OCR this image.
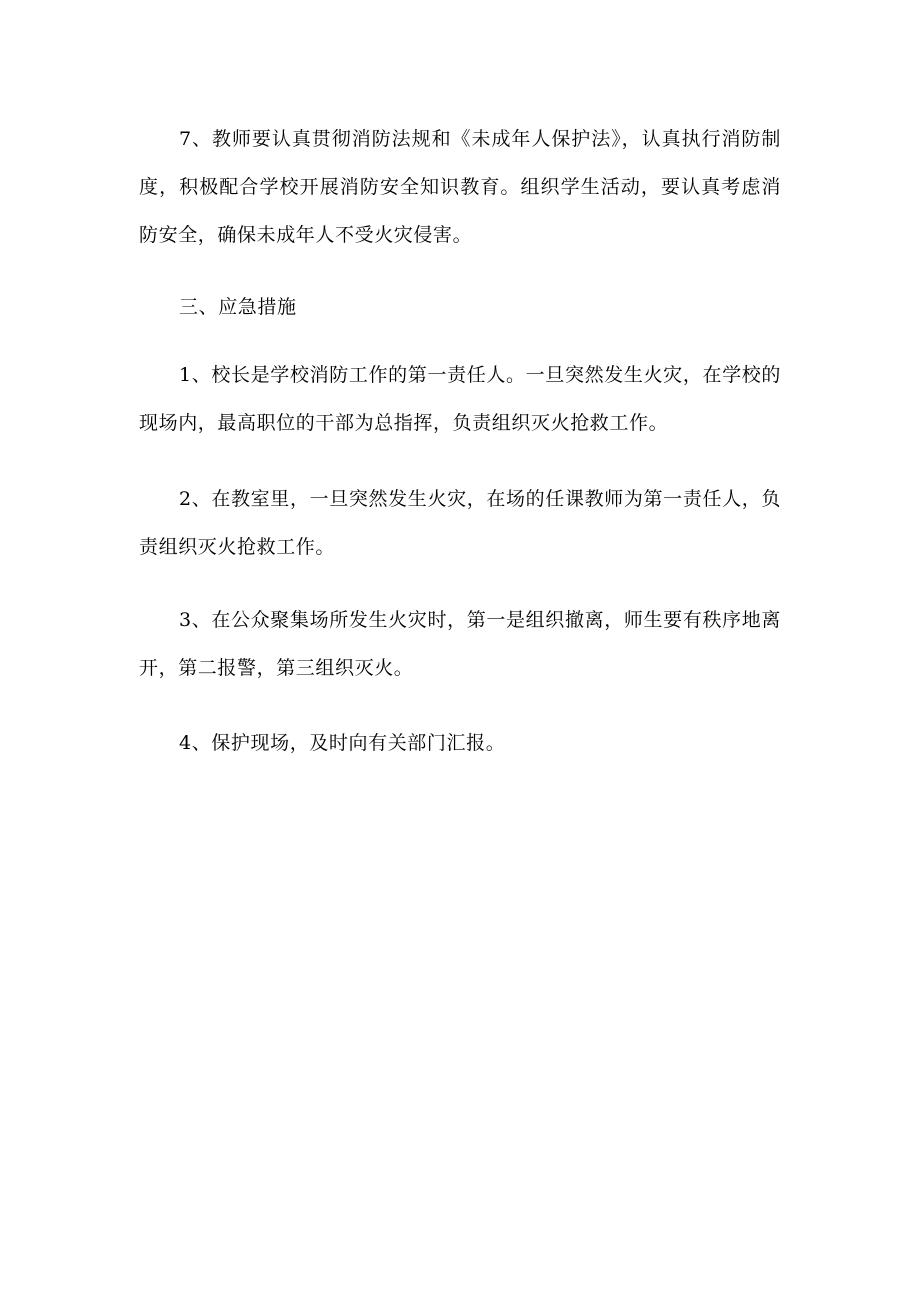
7、教师要认真贯彻消防法规和《未成年人保护法》，认真执行消防制度，积极配合学校开展消防安全知识教育。组织学生活动，要认真考虑消防安全，确保未成年人不受火灾侵害。

三、应急措施

1、校长是学校消防工作的第一责任人。一旦突然发生火灾，在学校的现场内，最高职位的干部为总指挥，负责组织灭火抢救工作。

2、在教室里，一旦突然发生火灾，在场的任课教师为第一责任人，负责组织灭火抢救工作。

3、在公众聚集场所发生火灾时，第一是组织撤离，师生要有秩序地离开，第二报警，第三组织灭火。

4、保护现场，及时向有关部门汇报。
